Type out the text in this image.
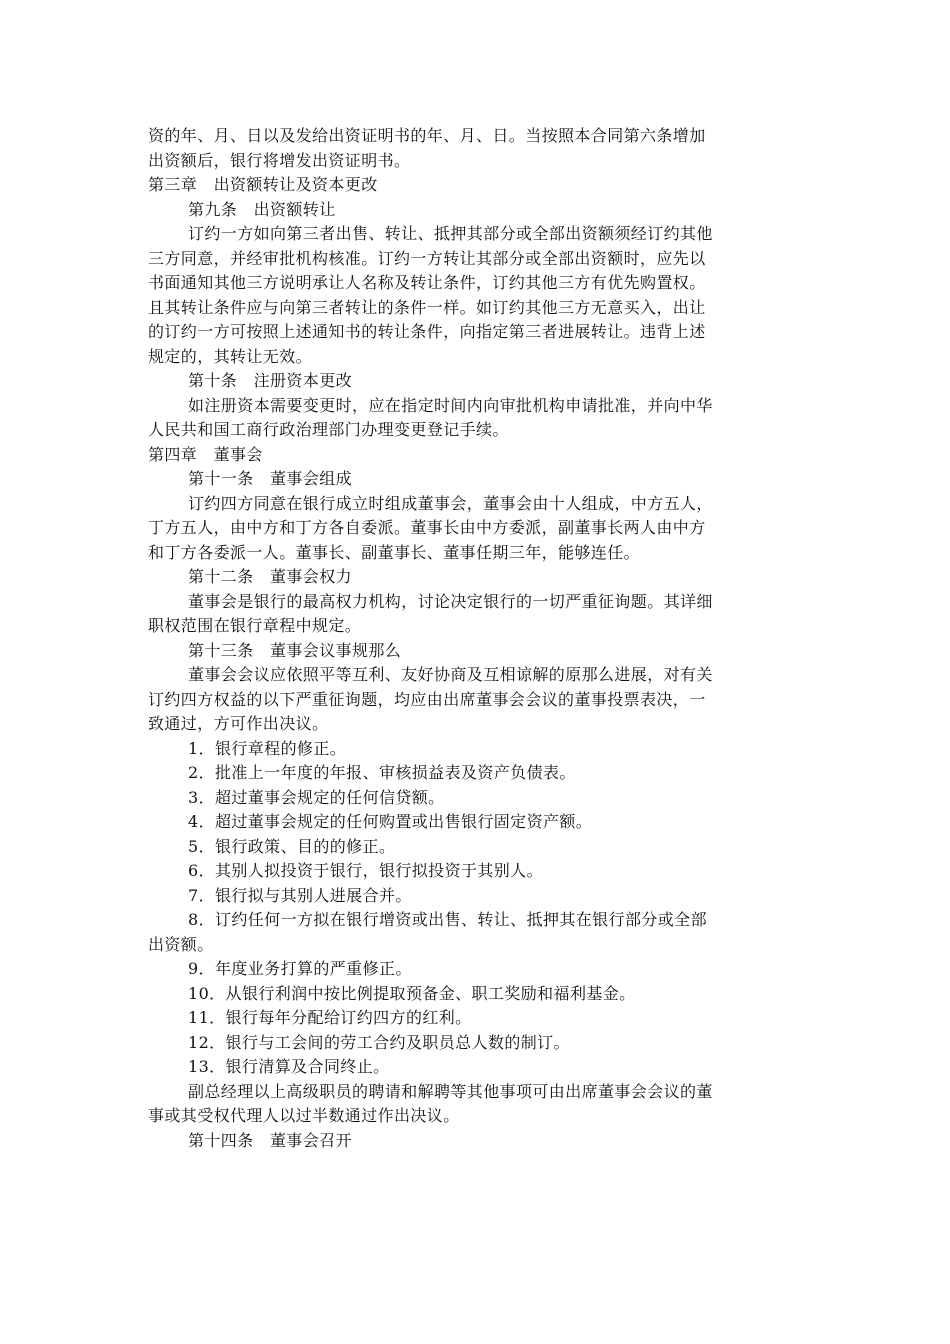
资的年、月、日以及发给出资证明书的年、月、日。当按照本合同第六条增加
出资额后，银行将增发出资证明书。
第三章　出资额转让及资本更改
第九条　出资额转让
订约一方如向第三者出售、转让、抵押其部分或全部出资额须经订约其他
三方同意，并经审批机构核准。订约一方转让其部分或全部出资额时，应先以
书面通知其他三方说明承让人名称及转让条件，订约其他三方有优先购置权。
且其转让条件应与向第三者转让的条件一样。如订约其他三方无意买入，出让
的订约一方可按照上述通知书的转让条件，向指定第三者进展转让。违背上述
规定的，其转让无效。
第十条　注册资本更改
如注册资本需要变更时，应在指定时间内向审批机构申请批准，并向中华
人民共和国工商行政治理部门办理变更登记手续。
第四章　董事会
第十一条　董事会组成
订约四方同意在银行成立时组成董事会，董事会由十人组成，中方五人，
丁方五人，由中方和丁方各自委派。董事长由中方委派，副董事长两人由中方
和丁方各委派一人。董事长、副董事长、董事任期三年，能够连任。
第十二条　董事会权力
董事会是银行的最高权力机构，讨论决定银行的一切严重征询题。其详细
职权范围在银行章程中规定。
第十三条　董事会议事规那么
董事会会议应依照平等互利、友好协商及互相谅解的原那么进展，对有关
订约四方权益的以下严重征询题，均应由出席董事会会议的董事投票表决，一
致通过，方可作出决议。
1．银行章程的修正。
2．批准上一年度的年报、审核损益表及资产负债表。
3．超过董事会规定的任何信贷额。
4．超过董事会规定的任何购置或出售银行固定资产额。
5．银行政策、目的的修正。
6．其别人拟投资于银行，银行拟投资于其别人。
7．银行拟与其别人进展合并。
8．订约任何一方拟在银行增资或出售、转让、抵押其在银行部分或全部
出资额。
9．年度业务打算的严重修正。
10．从银行利润中按比例提取预备金、职工奖励和福利基金。
11．银行每年分配给订约四方的红利。
12．银行与工会间的劳工合约及职员总人数的制订。
13．银行清算及合同终止。
副总经理以上高级职员的聘请和解聘等其他事项可由出席董事会会议的董
事或其受权代理人以过半数通过作出决议。
第十四条　董事会召开
